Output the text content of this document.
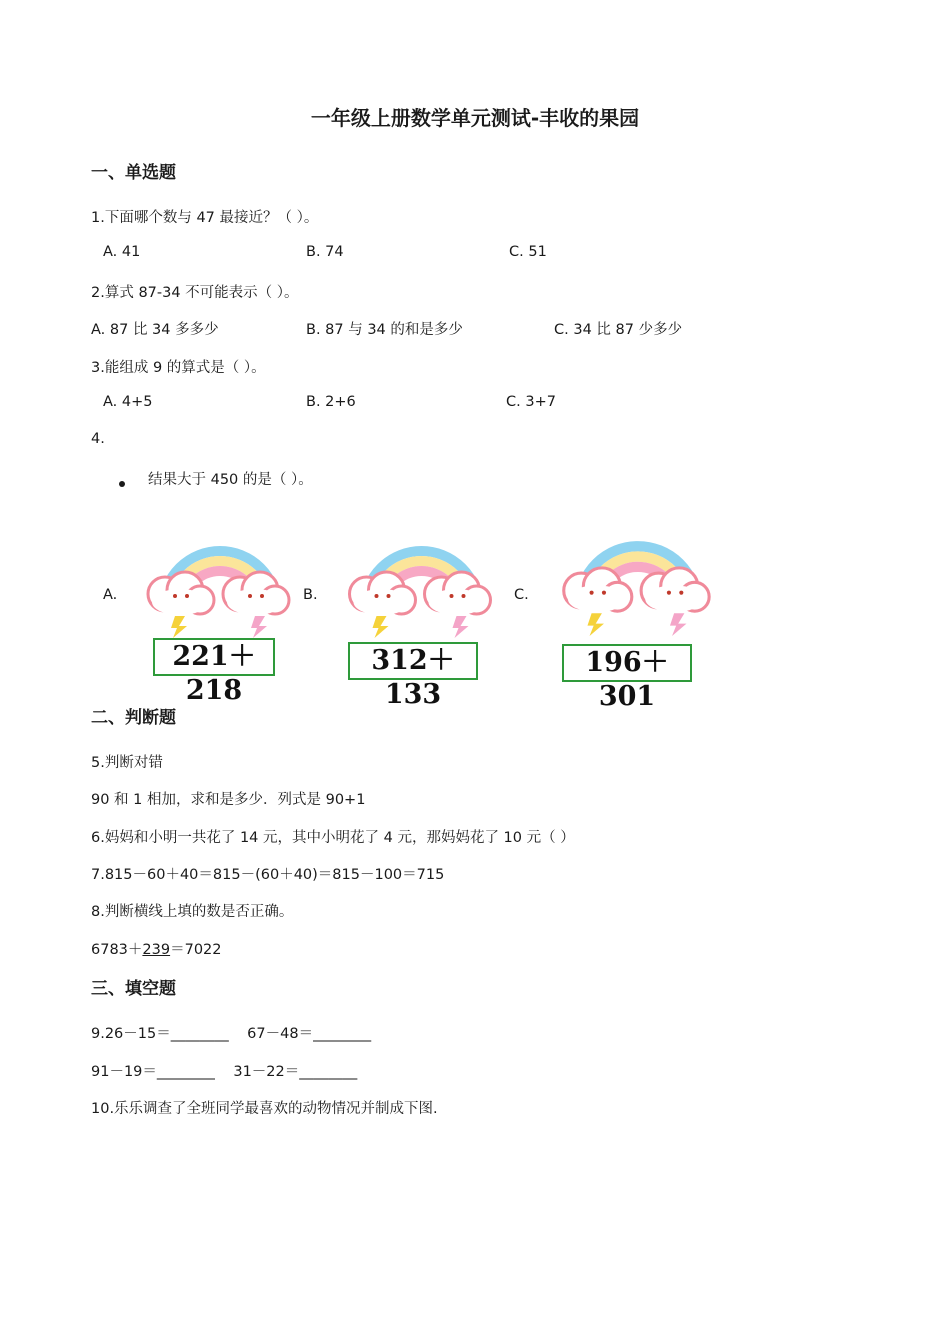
一年级上册数学单元测试-丰收的果园
一、单选题
1.下面哪个数与 47 最接近？（ ）。
A. 41	B. 74	C. 51
2.算式 87-34 不可能表示（ ）。
A. 87 比 34 多多少	B. 87 与 34 的和是多少	C. 34 比 87 少多少
3.能组成 9 的算式是（ ）。
A. 4+5	B. 2+6	C. 3+7
4.
结果大于 450 的是（ ）。
A.	B.	C.
221＋218
312＋133
196＋301
二、判断题
5.判断对错
90 和 1 相加，求和是多少．列式是 90+1
6.妈妈和小明一共花了 14 元，其中小明花了 4 元，那妈妈花了 10 元（ ）
7.815－60＋40＝815－(60＋40)＝815－100＝715
8.判断横线上填的数是否正确。
6783＋239＝7022
三、填空题
9.26－15＝________    67－48＝________
91－19＝________    31－22＝________
10.乐乐调查了全班同学最喜欢的动物情况并制成下图.
